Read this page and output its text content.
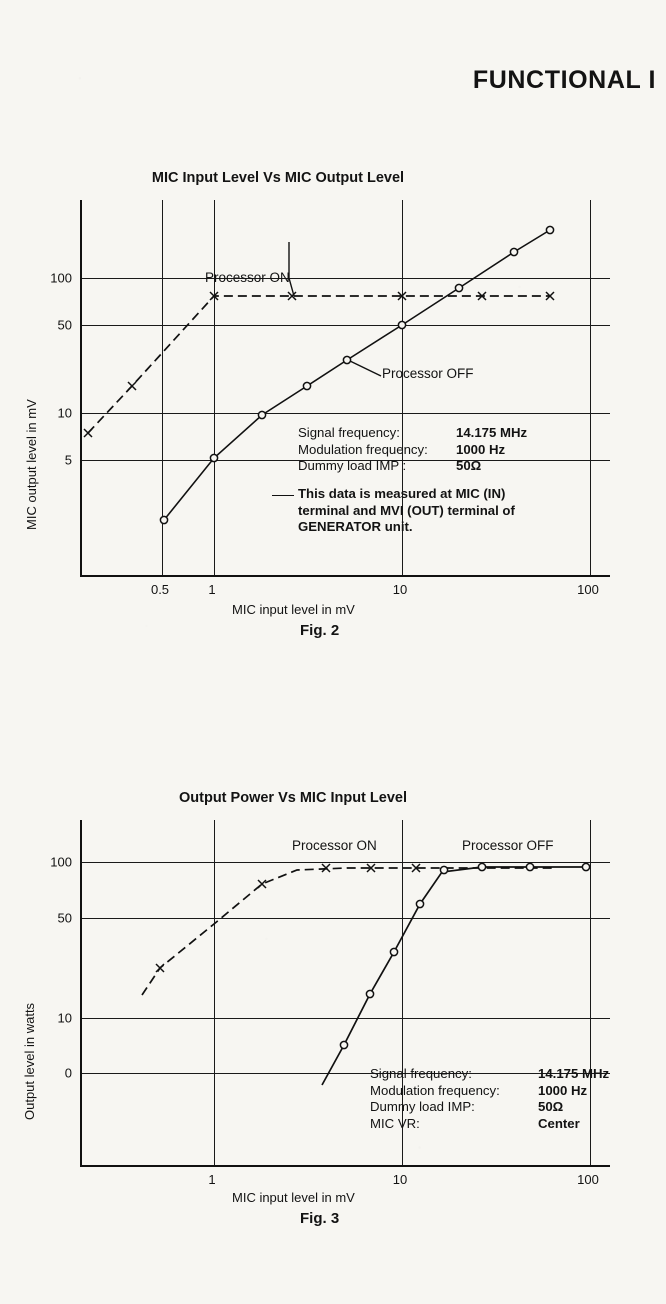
FUNCTIONAL I
MIC Input Level Vs MIC Output Level
0.5	1	10	100
100
50
10
5
MIC input level in mV
MIC output level in mV
Processor ON
Processor OFF
Signal frequency:	14.175 MHz
Modulation frequency:	1000 Hz
Dummy load IMP :	50Ω
This data is measured at MIC (IN)
terminal and MVI (OUT) terminal of
GENERATOR unit.
Fig. 2
Output Power Vs MIC Input Level
1	10	100
100
50
10
0
MIC input level in mV
Output level in watts
Processor ON	Processor OFF
Signal frequency:	14.175 MHz
Modulation frequency:	1000 Hz
Dummy load IMP:	50Ω
MIC VR:	Center
Fig. 3
